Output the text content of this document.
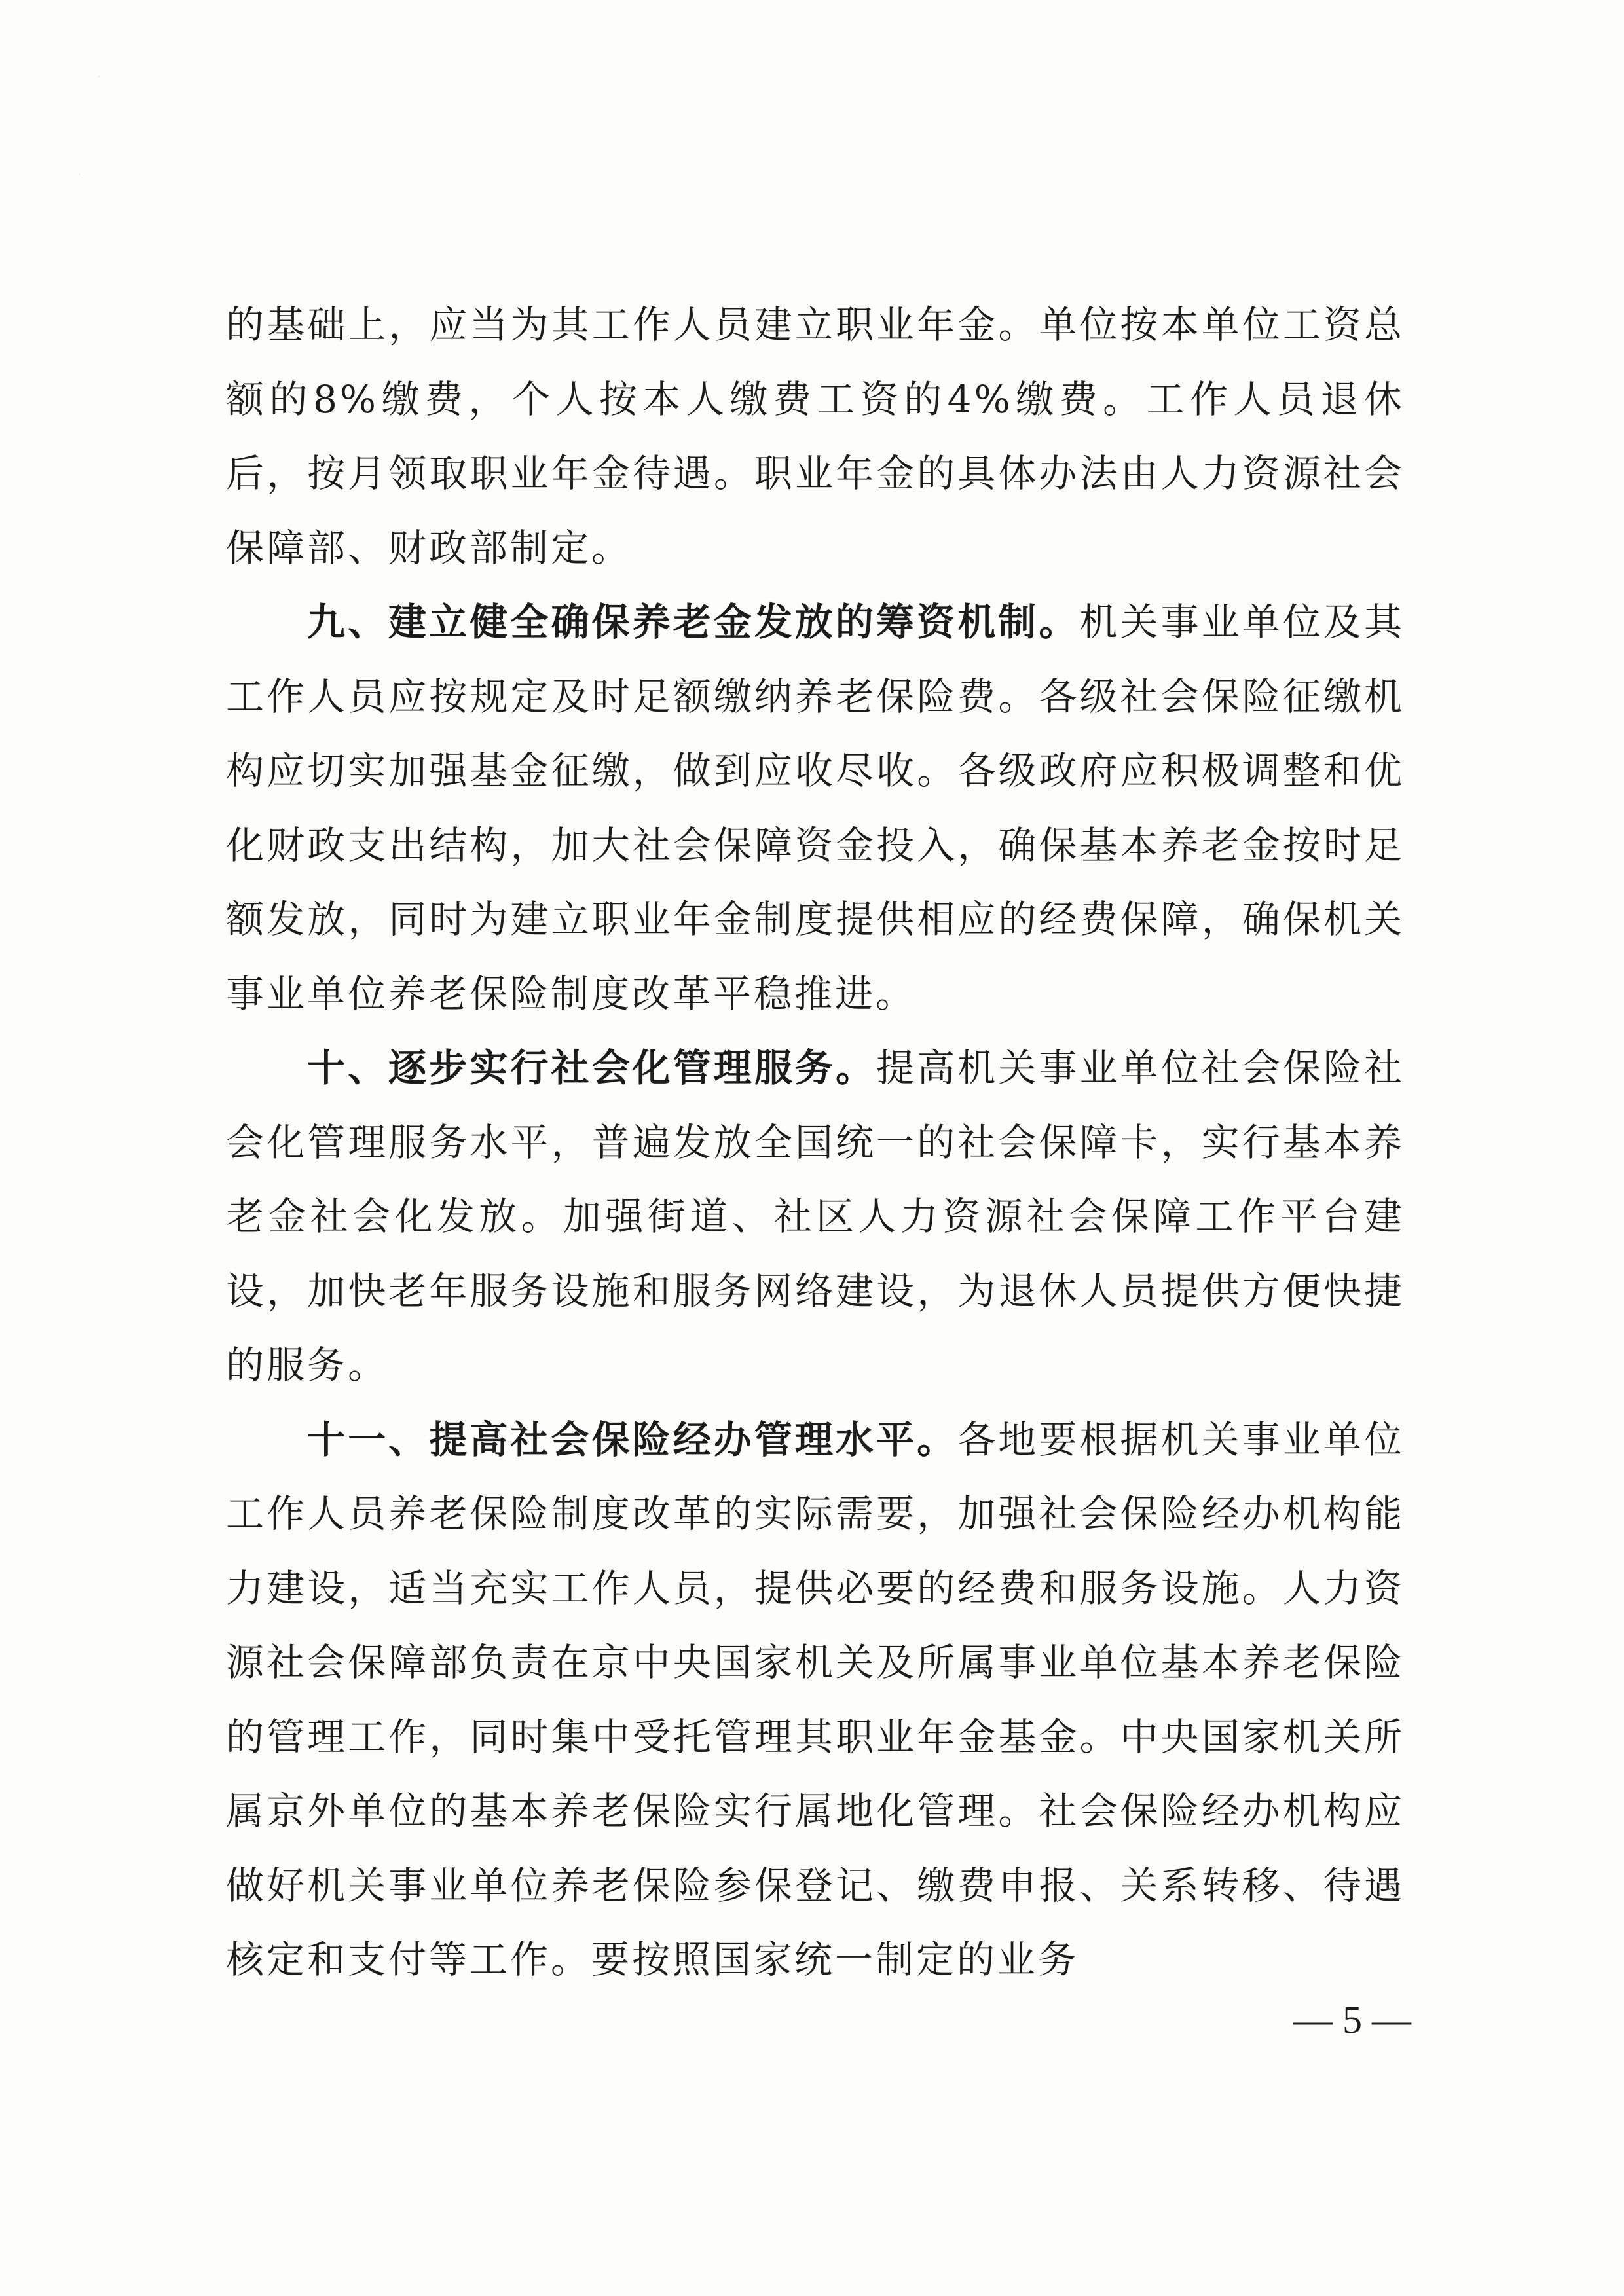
·
·

的基础上，应当为其工作人员建立职业年金。单位按本单位工资总额的8%缴费，个人按本人缴费工资的4%缴费。工作人员退休后，按月领取职业年金待遇。职业年金的具体办法由人力资源社会保障部、财政部制定。

九、建立健全确保养老金发放的筹资机制。机关事业单位及其工作人员应按规定及时足额缴纳养老保险费。各级社会保险征缴机构应切实加强基金征缴，做到应收尽收。各级政府应积极调整和优化财政支出结构，加大社会保障资金投入，确保基本养老金按时足额发放，同时为建立职业年金制度提供相应的经费保障，确保机关事业单位养老保险制度改革平稳推进。

十、逐步实行社会化管理服务。提高机关事业单位社会保险社会化管理服务水平，普遍发放全国统一的社会保障卡，实行基本养老金社会化发放。加强街道、社区人力资源社会保障工作平台建设，加快老年服务设施和服务网络建设，为退休人员提供方便快捷的服务。

十一、提高社会保险经办管理水平。各地要根据机关事业单位工作人员养老保险制度改革的实际需要，加强社会保险经办机构能力建设，适当充实工作人员，提供必要的经费和服务设施。人力资源社会保障部负责在京中央国家机关及所属事业单位基本养老保险的管理工作，同时集中受托管理其职业年金基金。中央国家机关所属京外单位的基本养老保险实行属地化管理。社会保险经办机构应做好机关事业单位养老保险参保登记、缴费申报、关系转移、待遇核定和支付等工作。要按照国家统一制定的业务

— 5 —
